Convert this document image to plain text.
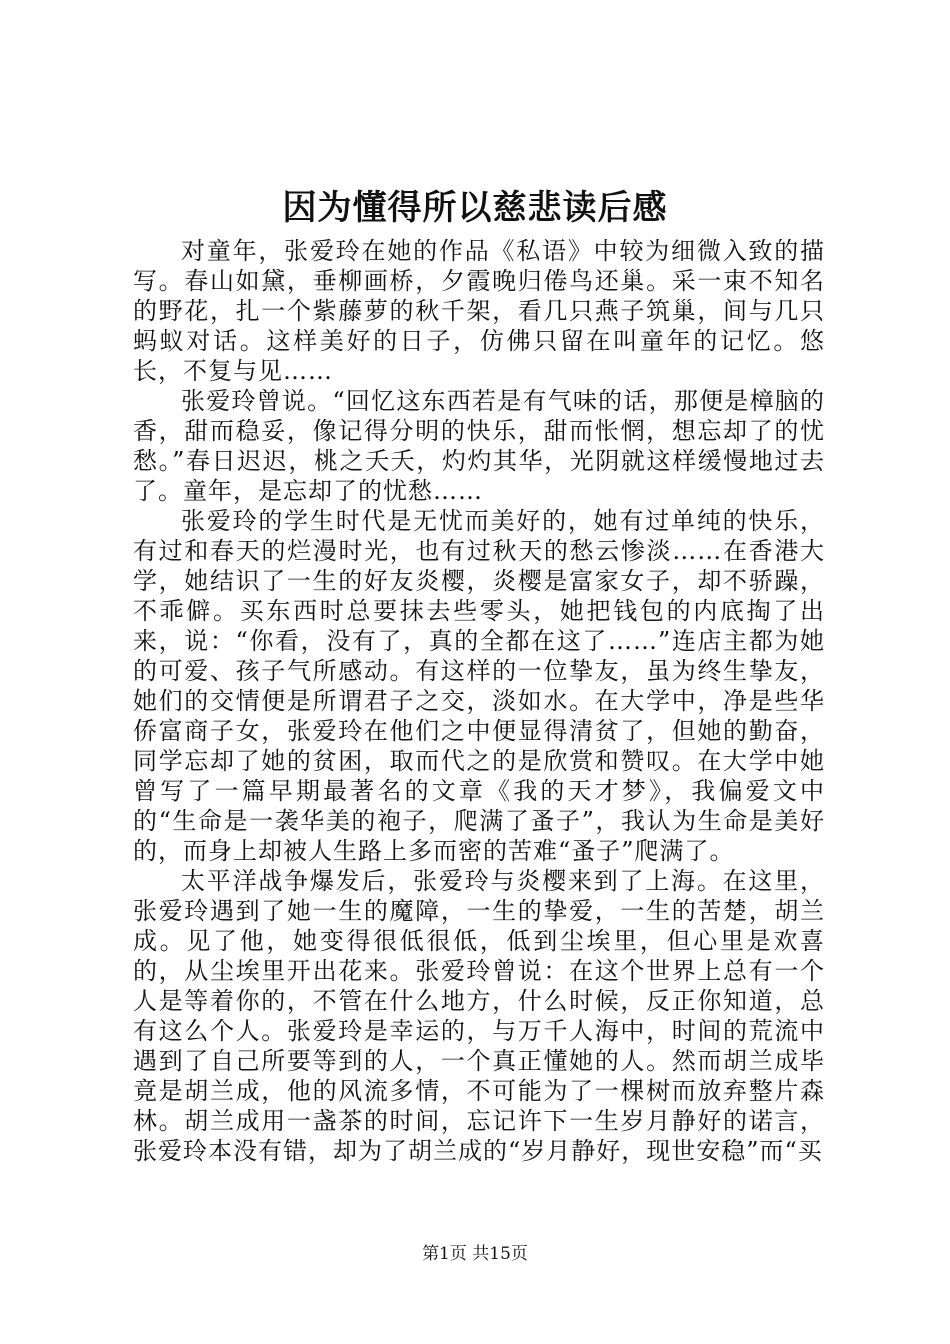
因为懂得所以慈悲读后感

对童年，张爱玲在她的作品《私语》中较为细微入致的描写。春山如黛，垂柳画桥，夕霞晚归倦鸟还巢。采一束不知名的野花，扎一个紫藤萝的秋千架，看几只燕子筑巢，间与几只蚂蚁对话。这样美好的日子，仿佛只留在叫童年的记忆。悠长，不复与见……

张爱玲曾说。“回忆这东西若是有气味的话，那便是樟脑的香，甜而稳妥，像记得分明的快乐，甜而怅惘，想忘却了的忧愁。”春日迟迟，桃之夭夭，灼灼其华，光阴就这样缓慢地过去了。童年，是忘却了的忧愁……

张爱玲的学生时代是无忧而美好的，她有过单纯的快乐，有过和春天的烂漫时光，也有过秋天的愁云惨淡……在香港大学，她结识了一生的好友炎樱，炎樱是富家女子，却不骄躁，不乖僻。买东西时总要抹去些零头，她把钱包的内底掏了出来，说：“你看，没有了，真的全都在这了……”连店主都为她的可爱、孩子气所感动。有这样的一位挚友，虽为终生挚友，她们的交情便是所谓君子之交，淡如水。在大学中，净是些华侨富商子女，张爱玲在他们之中便显得清贫了，但她的勤奋，同学忘却了她的贫困，取而代之的是欣赏和赞叹。在大学中她曾写了一篇早期最著名的文章《我的天才梦》，我偏爱文中的“生命是一袭华美的袍子，爬满了蚤子”，我认为生命是美好的，而身上却被人生路上多而密的苦难“蚤子”爬满了。

太平洋战争爆发后，张爱玲与炎樱来到了上海。在这里，张爱玲遇到了她一生的魔障，一生的挚爱，一生的苦楚，胡兰成。见了他，她变得很低很低，低到尘埃里，但心里是欢喜的，从尘埃里开出花来。张爱玲曾说：在这个世界上总有一个人是等着你的，不管在什么地方，什么时候，反正你知道，总有这么个人。张爱玲是幸运的，与万千人海中，时间的荒流中遇到了自己所要等到的人，一个真正懂她的人。然而胡兰成毕竟是胡兰成，他的风流多情，不可能为了一棵树而放弃整片森林。胡兰成用一盏茶的时间，忘记许下一生岁月静好的诺言，张爱玲本没有错，却为了胡兰成的“岁月静好，现世安稳”而“买

第1页 共15页
